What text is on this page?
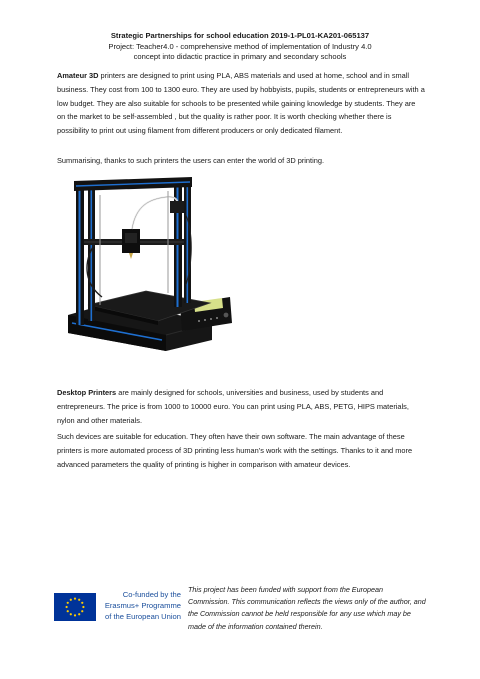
Strategic Partnerships for school education 2019-1-PL01-KA201-065137
Project: Teacher4.0 - comprehensive method of implementation of Industry 4.0
concept into didactic practice in primary and secondary schools

Amateur 3D printers are designed to print using PLA, ABS materials and used at home, school and in small business. They cost from 100 to 1300 euro. They are used by hobbyists, pupils, students or entrepreneurs with a low budget. They are also suitable for schools to be presented while gaining knowledge by students. They are on the market to be self-assembled , but the quality is rather poor. It is worth checking whether there is possibility to print out using filament from different producers or only dedicated filament.

Summarising, thanks to such printers the users can enter the world of 3D printing.

Desktop Printers are mainly designed for schools, universities and business, used by students and entrepreneurs. The price is from 1000 to 10000 euro. You can print using PLA, ABS, PETG, HIPS materials, nylon and other materials.

Such devices are suitable for education. They often have their own software. The main advantage of these printers is more automated process of 3D printing less human’s work with the settings. Thanks to it and more advanced parameters the quality of printing is higher in comparison with amateur devices.

Co-funded by the
Erasmus+ Programme
of the European Union
This project has been funded with support from the European Commission. This communication reflects the views only of the author, and the Commission cannot be held responsible for any use which may be made of the information contained therein.
